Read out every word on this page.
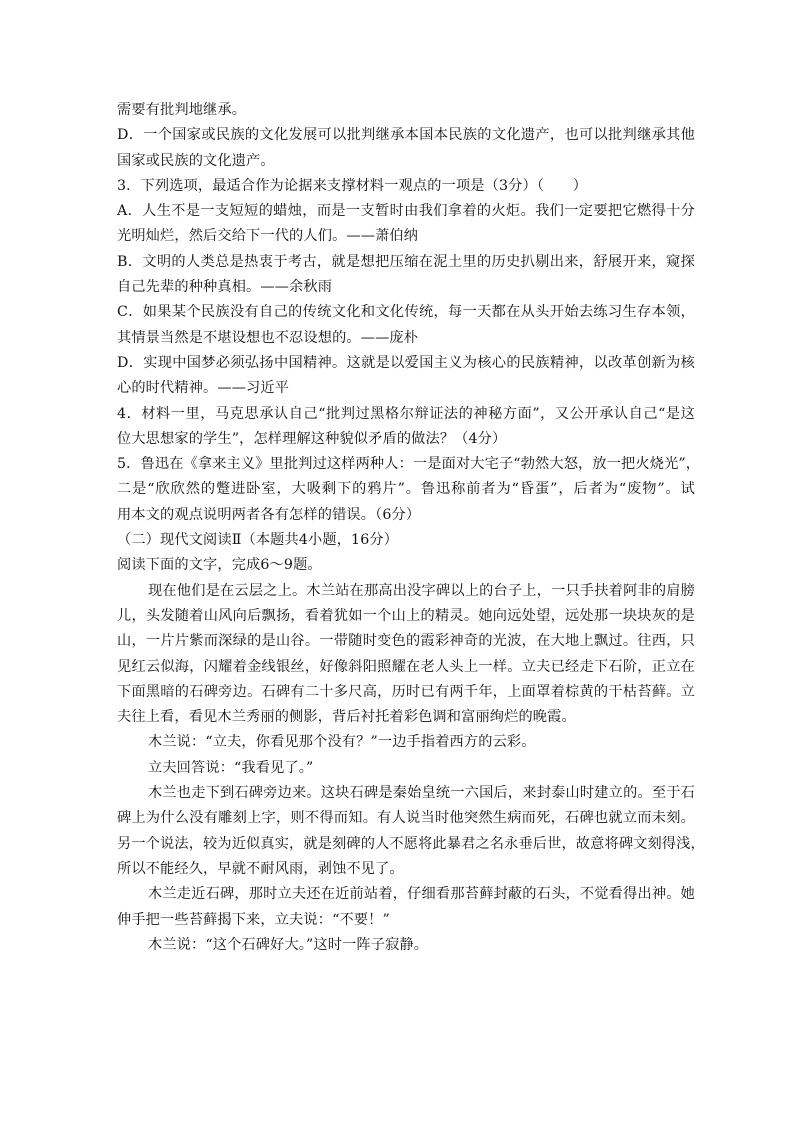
需要有批判地继承。
D．一个国家或民族的文化发展可以批判继承本国本民族的文化遗产，也可以批判继承其他
国家或民族的文化遗产。
3．下列选项，最适合作为论据来支撑材料一观点的一项是（3分）（　　）
A．人生不是一支短短的蜡烛，而是一支暂时由我们拿着的火炬。我们一定要把它燃得十分
光明灿烂，然后交给下一代的人们。——萧伯纳
B．文明的人类总是热衷于考古，就是想把压缩在泥土里的历史扒剔出来，舒展开来，窥探
自己先辈的种种真相。——余秋雨
C．如果某个民族没有自己的传统文化和文化传统，每一天都在从头开始去练习生存本领，
其情景当然是不堪设想也不忍设想的。——庞朴
D．实现中国梦必须弘扬中国精神。这就是以爱国主义为核心的民族精神，以改革创新为核
心的时代精神。——习近平
4．材料一里，马克思承认自己“批判过黑格尔辩证法的神秘方面”，又公开承认自己“是这
位大思想家的学生”，怎样理解这种貌似矛盾的做法？（4分）
5．鲁迅在《拿来主义》里批判过这样两种人：一是面对大宅子“勃然大怒，放一把火烧光”，
二是“欣欣然的蹩进卧室，大吸剩下的鸦片”。鲁迅称前者为“昏蛋”，后者为“废物”。试
用本文的观点说明两者各有怎样的错误。（6分）
（二）现代文阅读Ⅱ（本题共4小题，16分）
阅读下面的文字，完成6～9题。
现在他们是在云层之上。木兰站在那高出没字碑以上的台子上，一只手扶着阿非的肩膀
儿，头发随着山风向后飘扬，看着犹如一个山上的精灵。她向远处望，远处那一块块灰的是
山，一片片紫而深绿的是山谷。一带随时变色的霞彩神奇的光波，在大地上飘过。往西，只
见红云似海，闪耀着金线银丝，好像斜阳照耀在老人头上一样。立夫已经走下石阶，正立在
下面黑暗的石碑旁边。石碑有二十多尺高，历时已有两千年，上面罩着棕黄的干枯苔藓。立
夫往上看，看见木兰秀丽的侧影，背后衬托着彩色调和富丽绚烂的晚霞。
木兰说：“立夫，你看见那个没有？”一边手指着西方的云彩。
立夫回答说：“我看见了。”
木兰也走下到石碑旁边来。这块石碑是秦始皇统一六国后，来封泰山时建立的。至于石
碑上为什么没有雕刻上字，则不得而知。有人说当时他突然生病而死，石碑也就立而未刻。
另一个说法，较为近似真实，就是刻碑的人不愿将此暴君之名永垂后世，故意将碑文刻得浅，
所以不能经久，早就不耐风雨，剥蚀不见了。
木兰走近石碑，那时立夫还在近前站着，仔细看那苔藓封蔽的石头，不觉看得出神。她
伸手把一些苔藓揭下来，立夫说：“不要！”
木兰说：“这个石碑好大。”这时一阵子寂静。
